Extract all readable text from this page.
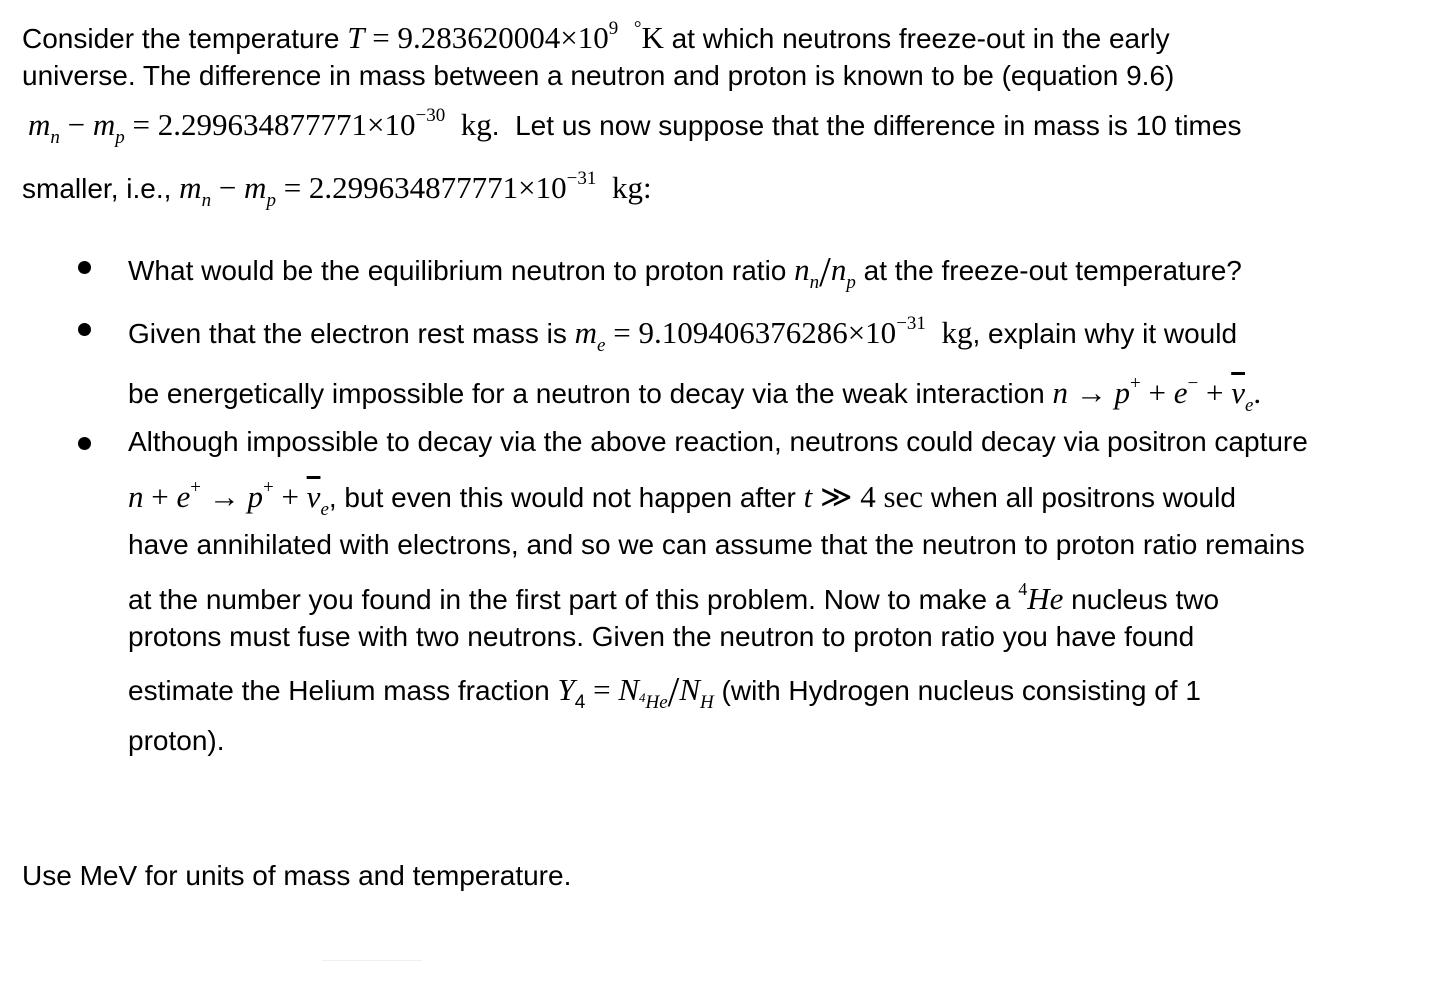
Consider the temperature $T = 9.283620004\times 10^9$ °K at which neutrons freeze-out in the early
universe. The difference in mass between a neutron and proton is known to be (equation 9.6)
$m_n - m_p = 2.299634877771\times 10^{-30}$ kg.  Let us now suppose that the difference in mass is 10 times
smaller, i.e., $m_n - m_p = 2.299634877771\times 10^{-31}$ kg:
What would be the equilibrium neutron to proton ratio $n_n/n_p$ at the freeze-out temperature?
Given that the electron rest mass is $m_e = 9.109406376286\times 10^{-31}$ kg, explain why it would
be energetically impossible for a neutron to decay via the weak interaction $n \to p^+ + e^- + \overline{\nu}_e$.
Although impossible to decay via the above reaction, neutrons could decay via positron capture
$n + e^+ \to p^+ + \overline{\nu}_e$, but even this would not happen after t ≫ 4 sec when all positrons would
have annihilated with electrons, and so we can assume that the neutron to proton ratio remains
at the number you found in the first part of this problem. Now to make a $^4$He nucleus two
protons must fuse with two neutrons. Given the neutron to proton ratio you have found
estimate the Helium mass fraction $Y_4 = N4_{He}/N_H$ (with Hydrogen nucleus consisting of 1
proton).
Use MeV for units of mass and temperature.
